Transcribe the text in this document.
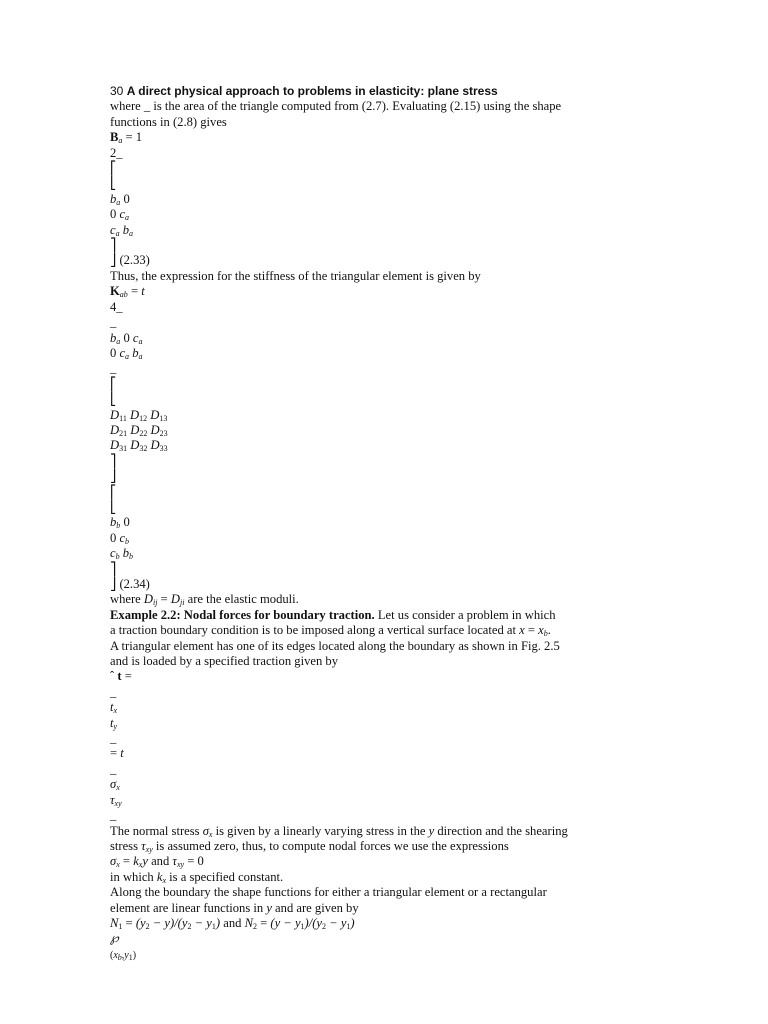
30 A direct physical approach to problems in elasticity: plane stress
where _ is the area of the triangle computed from (2.7). Evaluating (2.15) using the shape
functions in (2.8) gives
$B_a = 1$
2_
⎡
⎣
$b_a$ 0
0 $c_a$
$c_a$ $b_a$
⎤
⎦ (2.33)
Thus, the expression for the stiffness of the triangular element is given by
$K_{ab} = t$
4_
_
$b_a$ 0 $c_a$
0 $c_a$ $b_a$
_
⎡
⎣
$D_{11}$ $D_{12}$ $D_{13}$
$D_{21}$ $D_{22}$ $D_{23}$
$D_{31}$ $D_{32}$ $D_{33}$
⎤
⎦
⎡
⎣
$b_b$ 0
0 $c_b$
$c_b$ $b_b$
⎤
⎦ (2.34)
where $D_{ij} = D_{ji}$ are the elastic moduli.
Example 2.2: Nodal forces for boundary traction. Let us consider a problem in which
a traction boundary condition is to be imposed along a vertical surface located at $x = x_b$.
A triangular element has one of its edges located along the boundary as shown in Fig. 2.5
and is loaded by a specified traction given by
ˆ t =
_
$t_x$
$t_y$
_
= t
_
$\sigma_x$
$\tau_{xy}$
_
The normal stress $\sigma_x$ is given by a linearly varying stress in the y direction and the shearing
stress $\tau_{xy}$ is assumed zero, thus, to compute nodal forces we use the expressions
$\sigma_x = k_xy$ and $\tau_{xy} = 0$
in which $k_x$ is a specified constant.
Along the boundary the shape functions for either a triangular element or a rectangular
element are linear functions in y and are given by
$N_1 = (y_2 - y)/(y_2 - y_1)$ and $N_2 = (y - y_1)/(y_2 - y_1)$
℘
$(x_b,y_1)$
